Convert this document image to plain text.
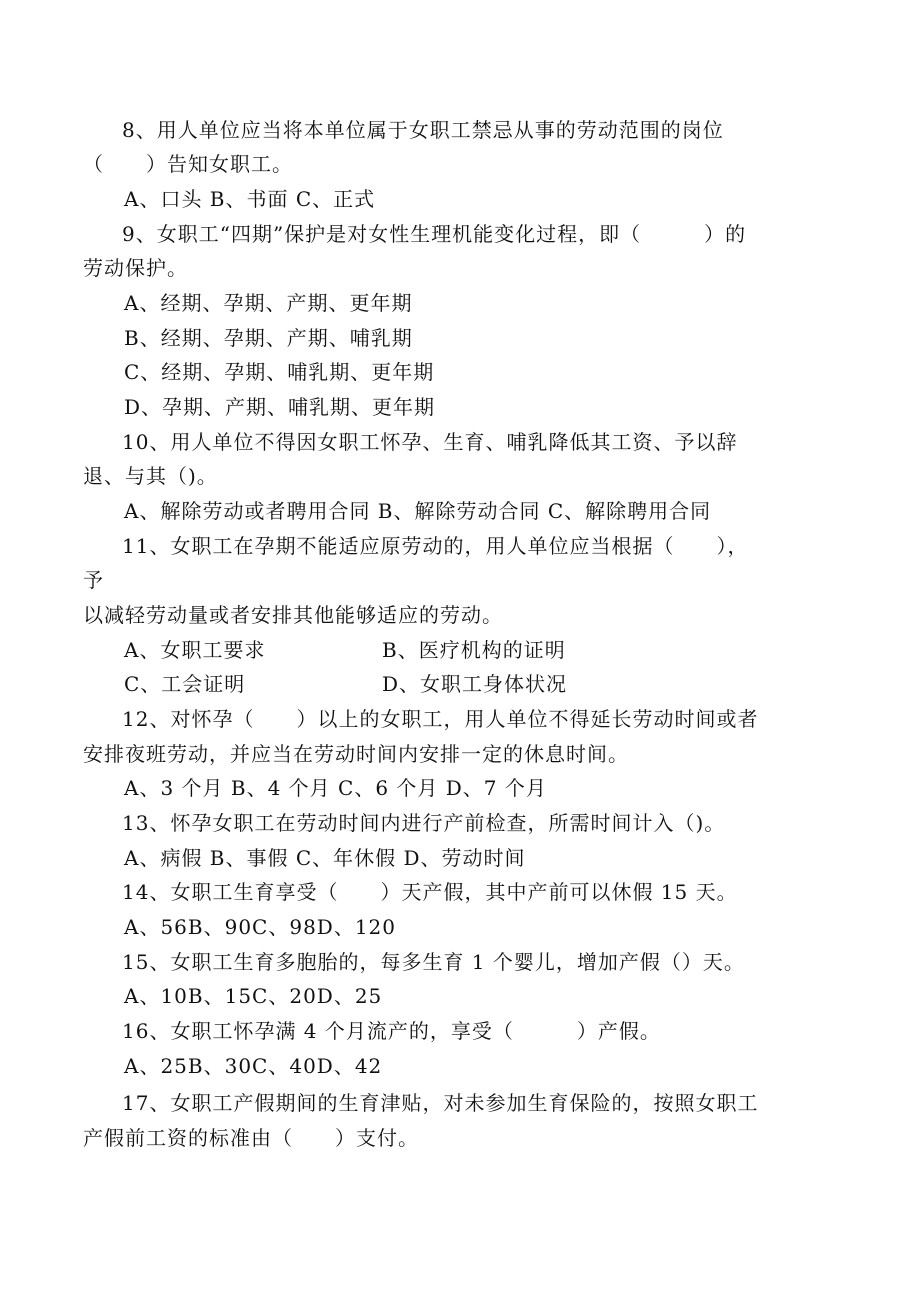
8、用人单位应当将本单位属于女职工禁忌从事的劳动范围的岗位
（　　）告知女职工。
A、口头 B、书面 C、正式
9、女职工“四期”保护是对女性生理机能变化过程，即（　　　）的
劳动保护。
A、经期、孕期、产期、更年期
B、经期、孕期、产期、哺乳期
C、经期、孕期、哺乳期、更年期
D、孕期、产期、哺乳期、更年期
10、用人单位不得因女职工怀孕、生育、哺乳降低其工资、予以辞
退、与其（)。
A、解除劳动或者聘用合同 B、解除劳动合同 C、解除聘用合同
11、女职工在孕期不能适应原劳动的，用人单位应当根据（　　），
予
以减轻劳动量或者安排其他能够适应的劳动。
A、女职工要求	B、医疗机构的证明
C、工会证明	D、女职工身体状况
12、对怀孕（　　）以上的女职工，用人单位不得延长劳动时间或者
安排夜班劳动，并应当在劳动时间内安排一定的休息时间。
A、3 个月 B、4 个月 C、6 个月 D、7 个月
13、怀孕女职工在劳动时间内进行产前检查，所需时间计入（)。
A、病假 B、事假 C、年休假 D、劳动时间
14、女职工生育享受（　　）天产假，其中产前可以休假 15 天。
A、56B、90C、98D、120
15、女职工生育多胞胎的，每多生育 1 个婴儿，增加产假（）天。
A、10B、15C、20D、25
16、女职工怀孕满 4 个月流产的，享受（　　　）产假。
A、25B、30C、40D、42
17、女职工产假期间的生育津贴，对未参加生育保险的，按照女职工
产假前工资的标准由（　　）支付。
